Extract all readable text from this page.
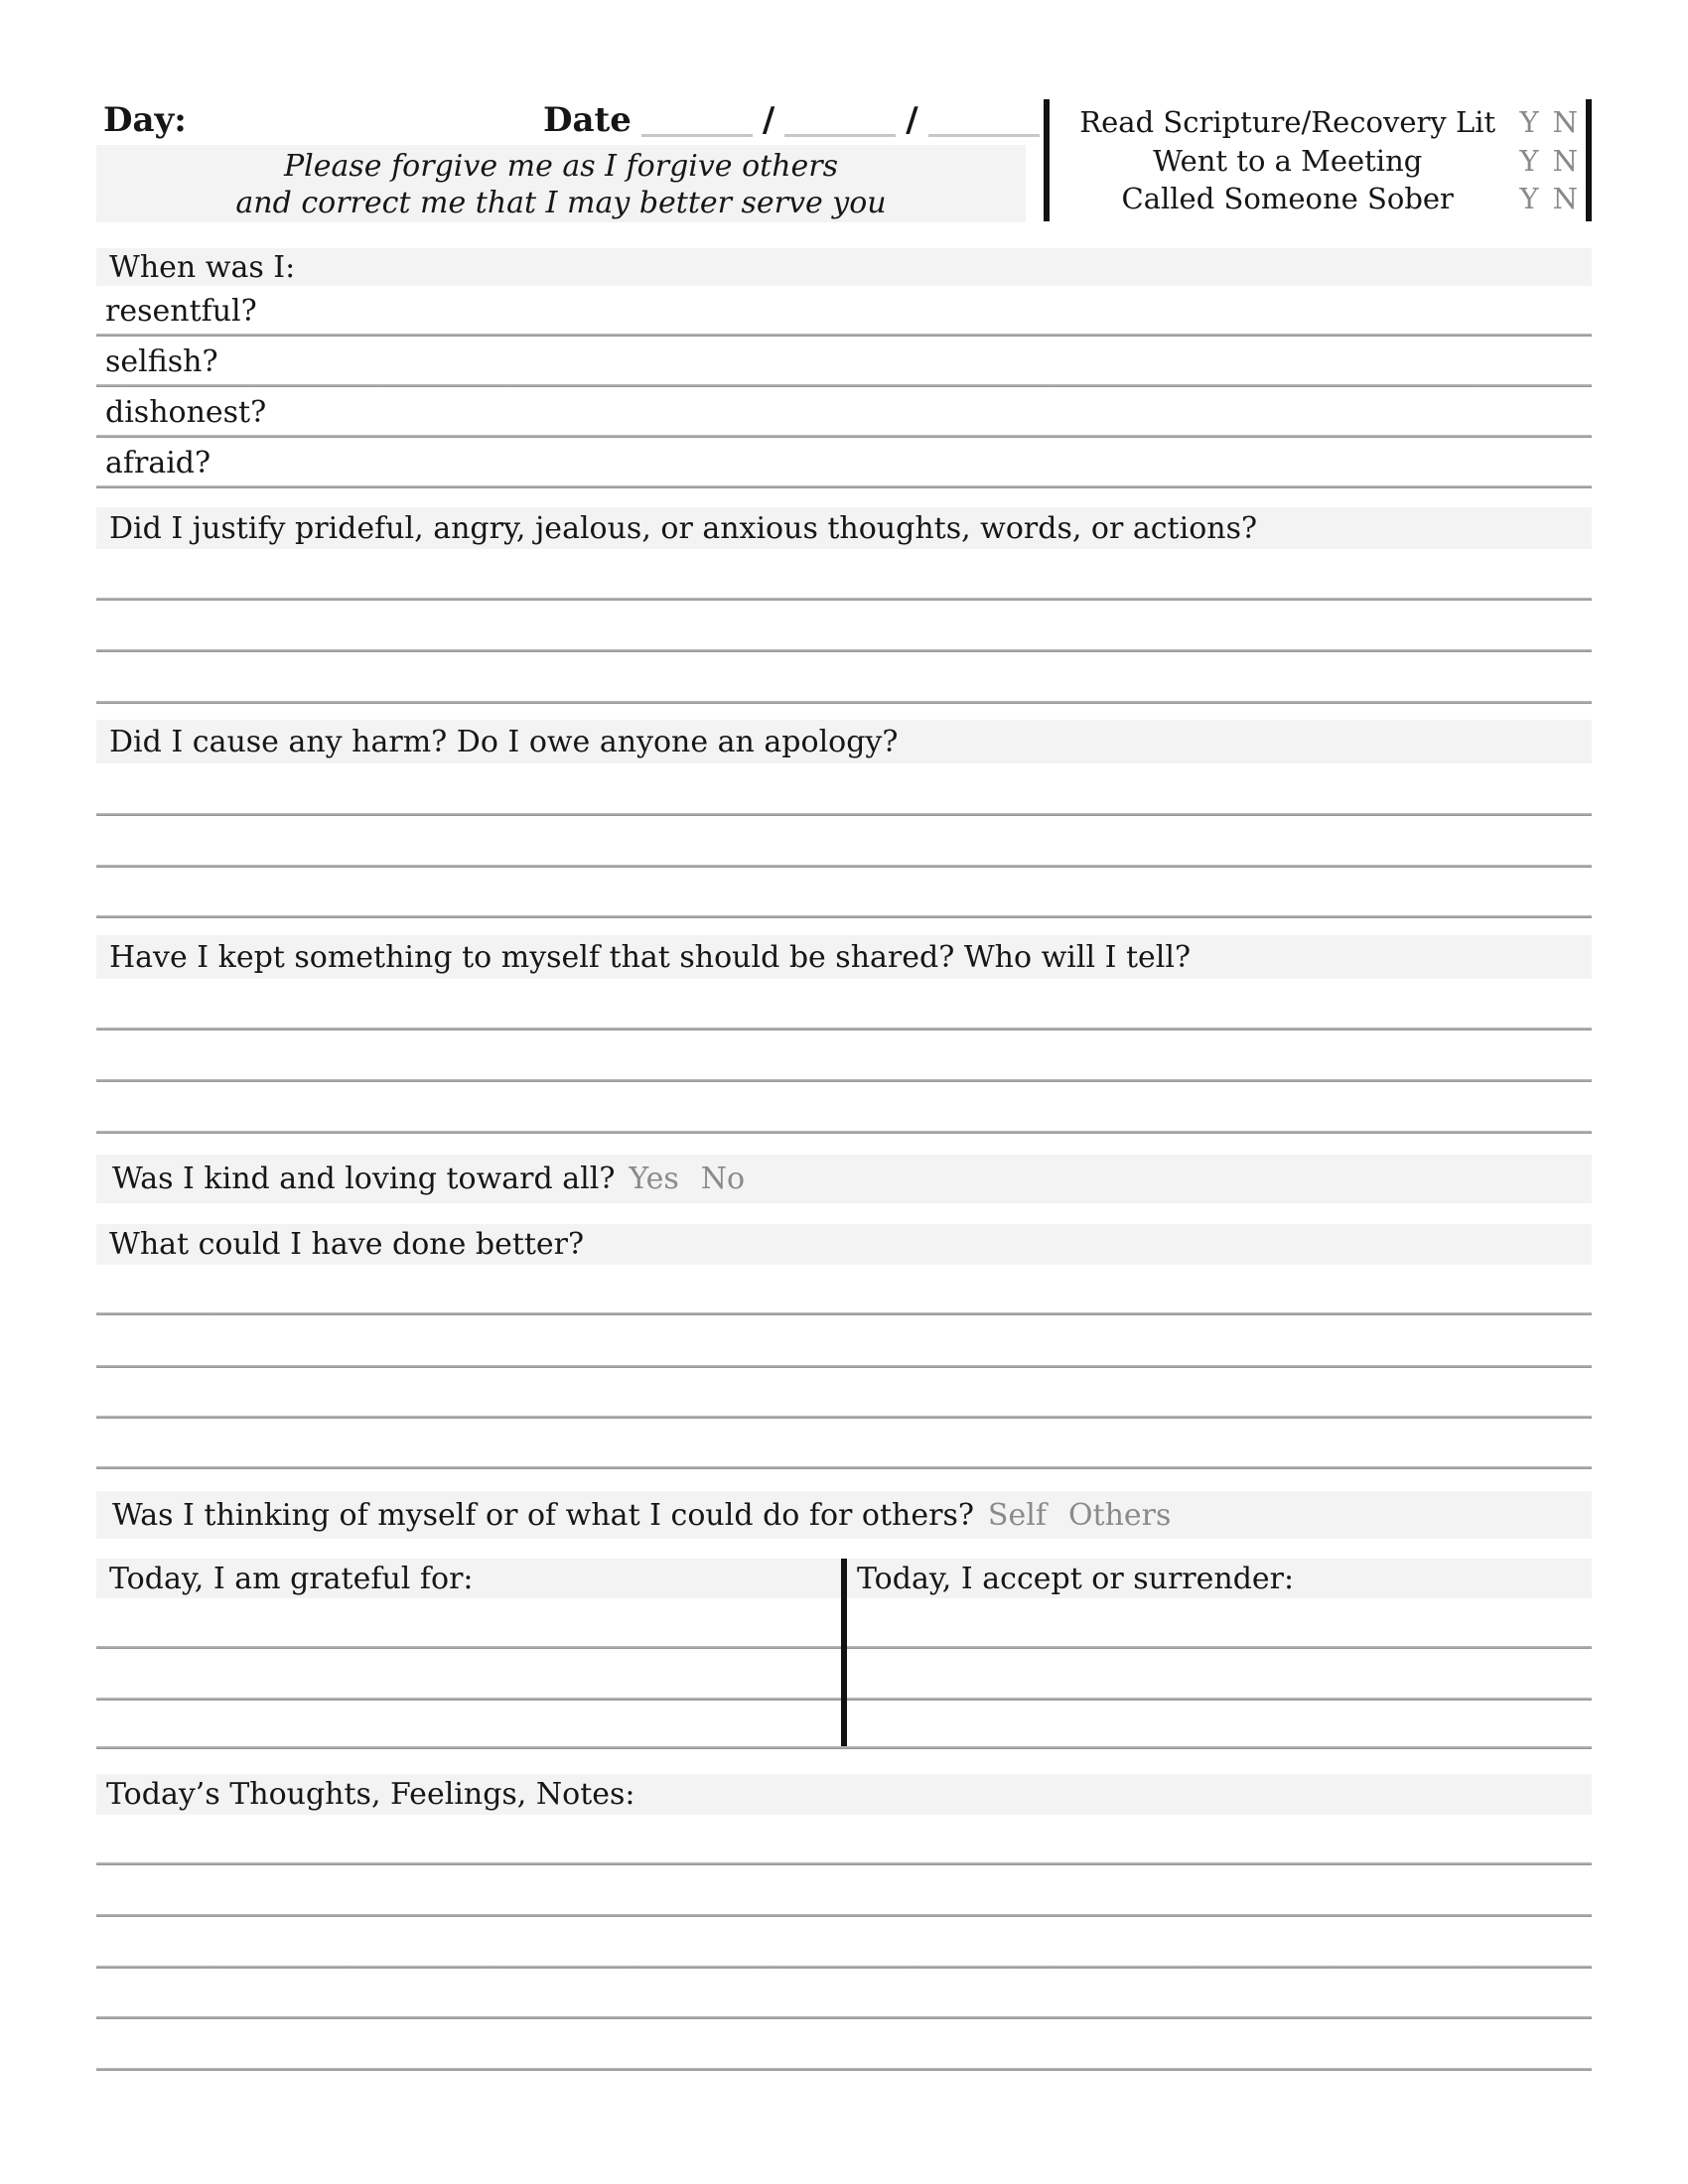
Day:	Date	/	/
Please forgive me as I forgive others
and correct me that I may better serve you
Read Scripture/Recovery Lit Y N
Went to a Meeting	Y N
Called Someone Sober	Y N
When was I:
resentful?
selfish?
dishonest?
afraid?
Did I justify prideful, angry, jealous, or anxious thoughts, words, or actions?
Did I cause any harm? Do I owe anyone an apology?
Have I kept something to myself that should be shared? Who will I tell?
Was I kind and loving toward all? Yes No
What could I have done better?
Was I thinking of myself or of what I could do for others? Self Others
Today, I am grateful for:	Today, I accept or surrender:
Today’s Thoughts, Feelings, Notes:
